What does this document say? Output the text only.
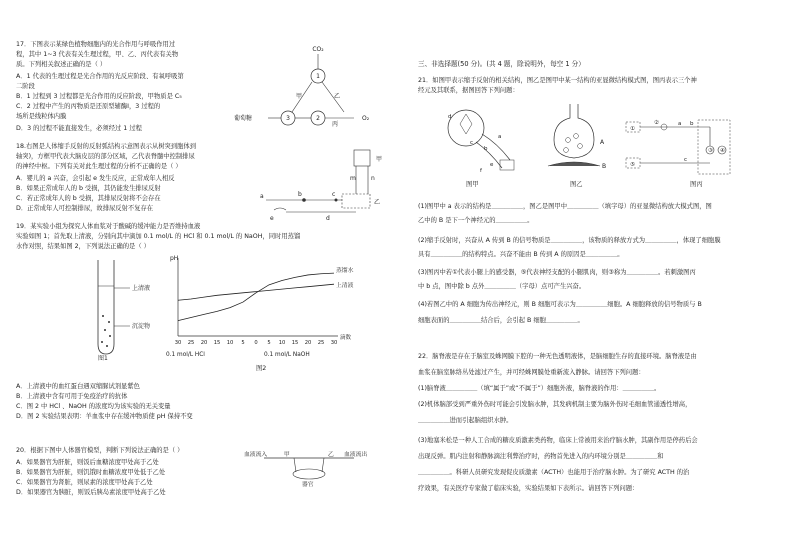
17．下图表示某绿色植物细胞内的光合作用与呼吸作用过
程，其中 1~3 代表有关生理过程，甲、乙、丙代表有关物
质。下列相关叙述正确的是（ ）
A．1 代表的生理过程是光合作用的光反应阶段、有氧呼吸第
二阶段
B．1 过程到 3 过程都是光合作用的反应阶段，甲物质是 C₅
C．2 过程中产生的丙物质是还原型辅酶Ⅰ，3 过程的
场所是线粒体内膜
D．3 的过程不能直接发生，必须经过 1 过程
1
3	2
CO₂
O₂
葡萄糖
甲	乙
丙
18.右图是人体缩手反射的反射弧结构示意图表示从树突到胞体到
轴突)，方框甲代表大脑皮层的部分区域，乙代表脊髓中控制排尿
的神经中枢。下列有关对此生理过程的分析不正确的是（ ）
A．婴儿的 a 兴奋，会引起 e 发生反应，正常成年人相反
B．如果正常成年人的 b 受损，其仍能发生排尿反射
C．若正常成年人的 b 受损，其排尿反射将不会存在
D．正常成年人可控制排尿，故排尿反射不复存在
甲
乙
a	b	c
d
e
m	n
19．某实验小组为探究人体血浆对于酸碱的缓冲能力是否维持血液
实验如图 1；首先取上清液，分别向其中滴加 0.1 mol/L 的 HCl 和 0.1 mol/L 的 NaOH，同时用蒸馏
水作对照，结果如图 2，下列说法正确的是（ ）
上清液
沉淀物
图1
pH
滴数
30 25 20 15 10 5 0 5 10 15 20 25 30
蒸馏水
上清液
0.1 mol/L HCl	0.1 mol/L NaOH
图2
A．上清液中的血红蛋白遇双缩脲试剂显紫色
B．上清液中含有可用于免疫治疗的抗体
C．图 2 中 HCl 、NaOH 的浓度均为该实验的无关变量
D．图 2 实验结果表明：羊血浆中存在缓冲物质使 pH 保持不变
20．根据下图中人体器官模型，判断下列说法正确的是（ ）
A．如果器官为肝脏，则饭后血糖浓度甲处高于乙处
B．如果器官为肝脏，则饥饿时血糖浓度甲处低于乙处
C．如果器官为肾脏，则尿素的浓度甲处高于乙处
D．如果器官为胰脏，则饭后胰岛素浓度甲处高于乙处
血液流入	甲	乙 血液流出
器官
三、非选择题(50 分)。(共 4 题，除说明外，每空 1 分）
21．如图甲表示缩手反射的相关结构，图乙是图甲中某一结构的亚显微结构模式图，图丙表示三个神
经元及其联系，据图回答下列问题：
a
b
c
d
e
f
图甲
A
B
图乙
①
②
③ ④
⑤
a b
c
图丙
(1)图甲中 a 表示的结构是＿＿＿＿＿，图乙是图甲中＿＿＿＿＿（填字母）的亚显微结构放大模式图，图
乙中的 B 是下一个神经元的＿＿＿＿＿。
(2)缩手反射时，兴奋从 A 传到 B 的信号物质是＿＿＿＿＿，该物质的释放方式为＿＿＿＿＿，体现了细胞膜
具有＿＿＿＿＿的结构特点。兴奋不能由 B 传到 A 的原因是＿＿＿＿＿。
(3)图丙中若①代表小腿上的感受器，⑤代表神经支配的小腿肌肉，则③称为＿＿＿＿＿。若刺激图丙
中 b 点，图中除 b 点外＿＿＿＿＿（字母）点可产生兴奋。
(4)若图乙中的 A 细胞为传出神经元，则 B 细胞可表示为＿＿＿＿＿细胞。A 细胞释放的信号物质与 B
细胞表面的＿＿＿＿＿结合后，会引起 B 细胞＿＿＿＿＿。
22．脑脊液是存在于脑室及蛛网膜下腔的一种无色透明液体，是脑细胞生存的直接环境。脑脊液是由
血浆在脑室脉络丛处滤过产生，并可经蛛网膜处重新流入静脉。请回答下列问题：
(1)脑脊液＿＿＿＿＿（填“属于”或“不属于”）细胞外液，脑脊液的作用：＿＿＿＿＿。
(2)机体脑部受到严重外伤时可能会引发脑水肿，其发病机制主要为脑外伤时毛细血管通透性增高，
＿＿＿＿＿进而引起脑组织水肿。
(3)地塞米松是一种人工合成的糖皮质激素类药物，临床上常被用来治疗脑水肿，其副作用是停药后会
出现反弹。肌内注射和静脉滴注利弊治疗时，药物首先进入的内环境分别是＿＿＿＿＿和
＿＿＿＿＿。科研人员研究发现促皮质激素（ACTH）也能用于治疗脑水肿。为了研究 ACTH 的治
疗效果，有关医疗专家做了临床实验，实验结果如下表所示。请回答下列问题：
